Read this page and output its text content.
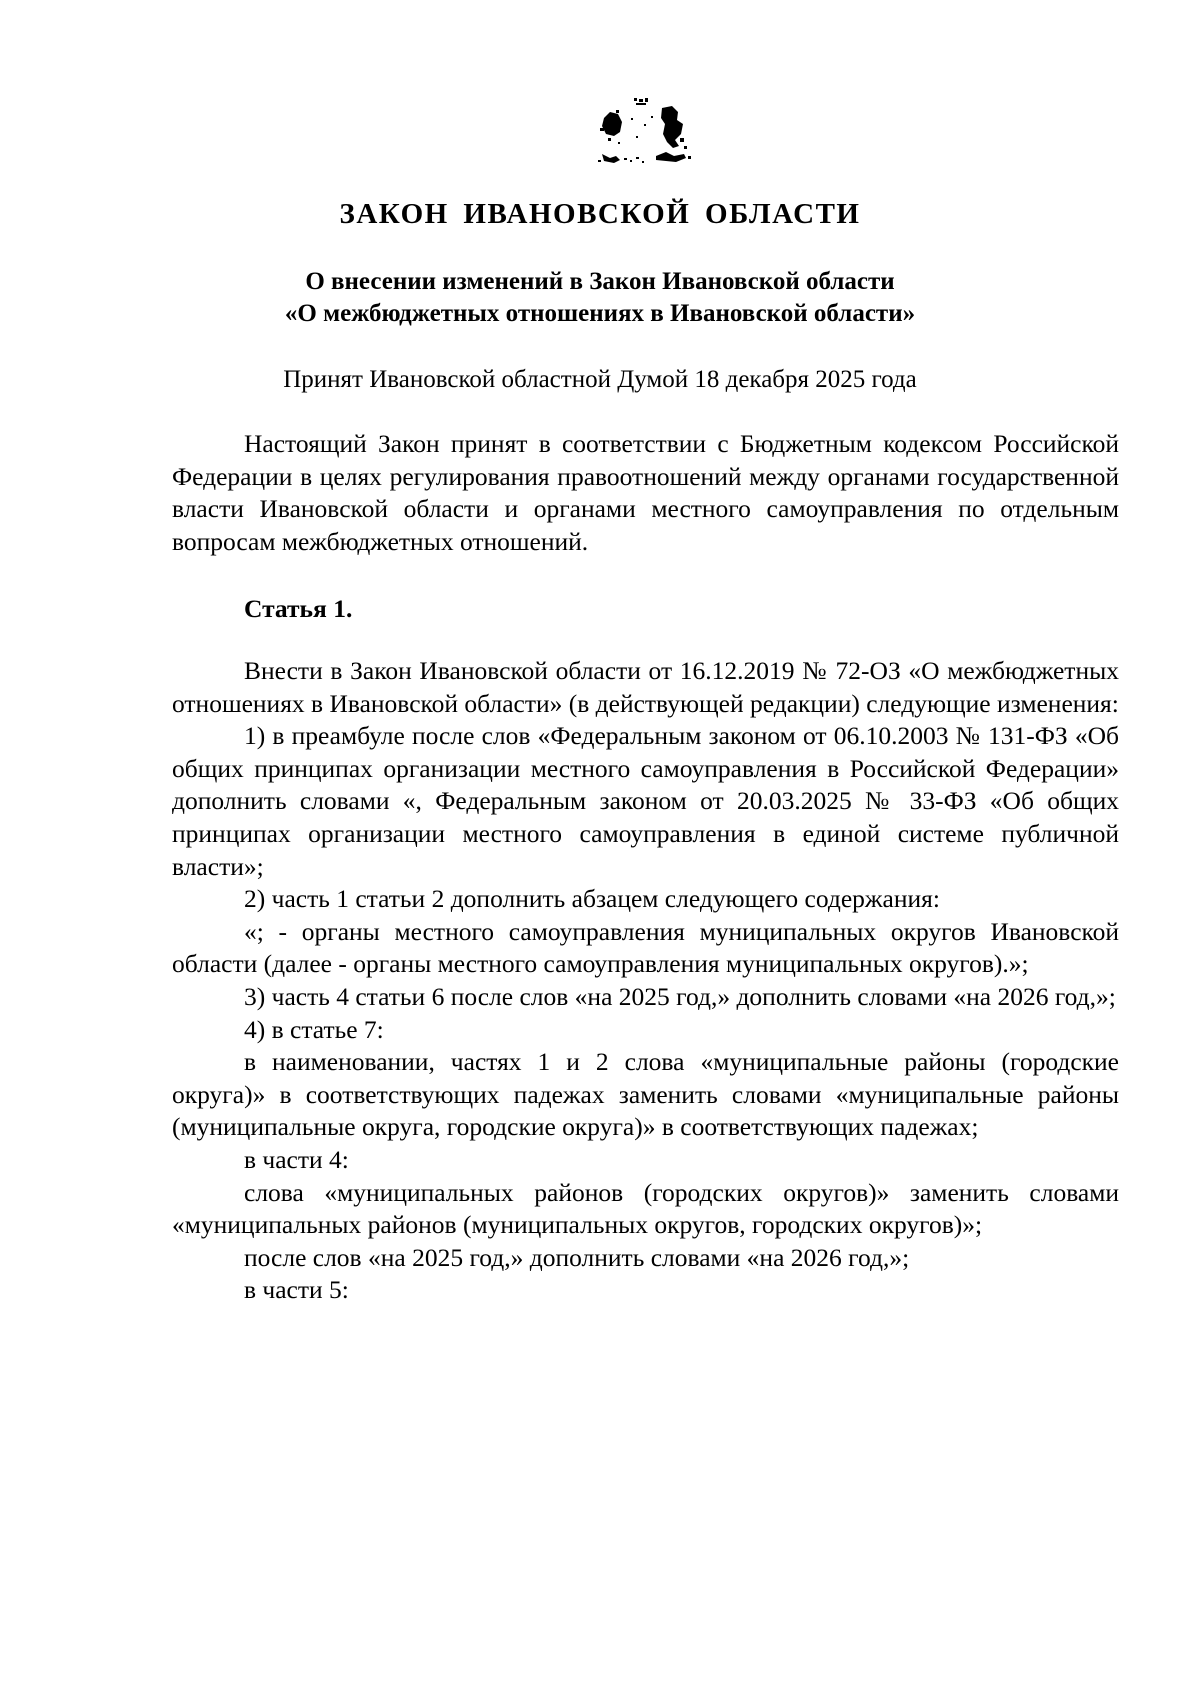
ЗАКОН ИВАНОВСКОЙ ОБЛАСТИ
О внесении изменений в Закон Ивановской области
«О межбюджетных отношениях в Ивановской области»
Принят Ивановской областной Думой 18 декабря 2025 года

Настоящий Закон принят в соответствии с Бюджетным кодексом Российской Федерации в целях регулирования правоотношений между органами государственной власти Ивановской области и органами местного самоуправления по отдельным вопросам межбюджетных отношений.

Статья 1.

Внести в Закон Ивановской области от 16.12.2019 № 72-ОЗ «О межбюджетных отношениях в Ивановской области» (в действующей редакции) следующие изменения:

1) в преамбуле после слов «Федеральным законом от 06.10.2003 № 131-ФЗ «Об общих принципах организации местного самоуправления в Российской Федерации» дополнить словами «, Федеральным законом от 20.03.2025 № 33-ФЗ «Об общих принципах организации местного самоуправления в единой системе публичной власти»;

2) часть 1 статьи 2 дополнить абзацем следующего содержания:

«; - органы местного самоуправления муниципальных округов Ивановской области (далее - органы местного самоуправления муниципальных округов).»;

3) часть 4 статьи 6 после слов «на 2025 год,» дополнить словами «на 2026 год,»;

4) в статье 7:

в наименовании, частях 1 и 2 слова «муниципальные районы (городские округа)» в соответствующих падежах заменить словами «муниципальные районы (муниципальные округа, городские округа)» в соответствующих падежах;

в части 4:

слова «муниципальных районов (городских округов)» заменить словами «муниципальных районов (муниципальных округов, городских округов)»;

после слов «на 2025 год,» дополнить словами «на 2026 год,»;

в части 5:
